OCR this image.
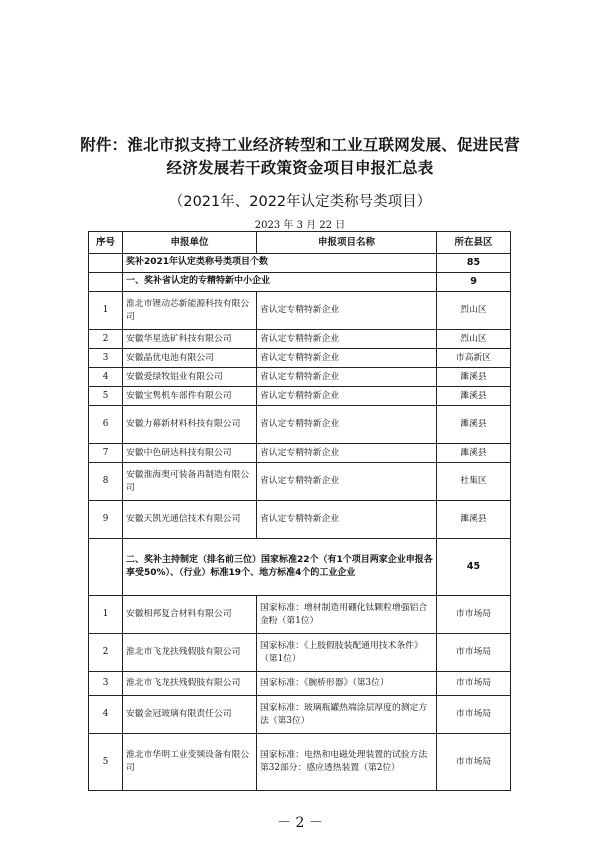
附件：淮北市拟支持工业经济转型和工业互联网发展、促进民营
经济发展若干政策资金项目申报汇总表
（2021年、2022年认定类称号类项目）
2023 年 3 月 22 日
序号	申报单位	申报项目名称	所在县区
	奖补2021年认定类称号类项目个数		85
	一、奖补省认定的专精特新中小企业		9
1	淮北市锂动芯新能源科技有限公司	省认定专精特新企业	烈山区
2	安徽华星选矿科技有限公司	省认定专精特新企业	烈山区
3	安徽晶优电池有限公司	省认定专精特新企业	市高新区
4	安徽爱绿牧铝业有限公司	省认定专精特新企业	濉溪县
5	安徽宝隽机车部件有限公司	省认定专精特新企业	濉溪县
6	安徽力幕新材料科技有限公司	省认定专精特新企业	濉溪县
7	安徽中色研达科技有限公司	省认定专精特新企业	濉溪县
8	安徽淮海奥可装备再制造有限公司	省认定专精特新企业	杜集区
9	安徽天凯光通信技术有限公司	省认定专精特新企业	濉溪县
	二、奖补主持制定（排名前三位）国家标准22个（有1个项目两家企业申报各享受50%）、（行业）标准19个、地方标准4个的工业企业		45
1	安徽相邦复合材料有限公司	国家标准：增材制造用硼化钛颗粒增强铝合金粉（第1位）	市市场局
2	淮北市飞龙扶残假肢有限公司	国家标准：《上肢假肢装配通用技术条件》（第1位）	市市场局
3	淮北市飞龙扶残假肢有限公司	国家标准：《腕桥形器》（第3位）	市市场局
4	安徽金冠玻璃有限责任公司	国家标准：玻璃瓶罐热端涂层厚度的测定方法（第3位）	市市场局
5	淮北市华明工业变频设备有限公司	国家标准：电热和电磁处理装置的试验方法 第32部分：感应透热装置（第2位）	市市场局
－ 2 －
